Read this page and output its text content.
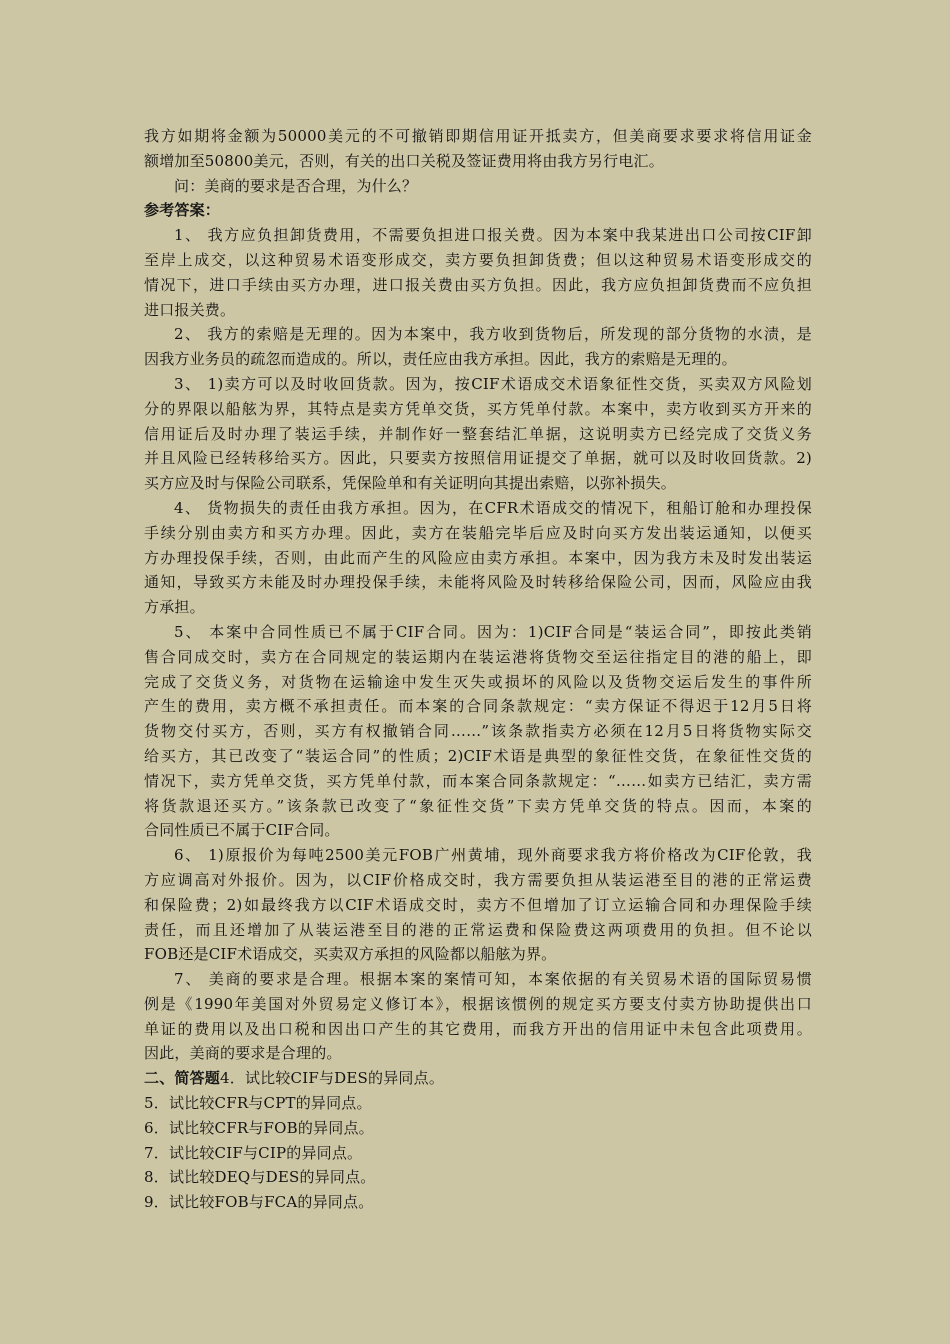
我方如期将金额为50000美元的不可撤销即期信用证开抵卖方，但美商要求要求将信用证金
额增加至50800美元，否则，有关的出口关税及签证费用将由我方另行电汇。
问：美商的要求是否合理，为什么？
参考答案：
1、 我方应负担卸货费用，不需要负担进口报关费。因为本案中我某进出口公司按CIF卸
至岸上成交，以这种贸易术语变形成交，卖方要负担卸货费；但以这种贸易术语变形成交的
情况下，进口手续由买方办理，进口报关费由买方负担。因此，我方应负担卸货费而不应负担
进口报关费。
2、 我方的索赔是无理的。因为本案中，我方收到货物后，所发现的部分货物的水渍，是
因我方业务员的疏忽而造成的。所以，责任应由我方承担。因此，我方的索赔是无理的。
3、 1)卖方可以及时收回货款。因为，按CIF术语成交术语象征性交货，买卖双方风险划
分的界限以船舷为界，其特点是卖方凭单交货，买方凭单付款。本案中，卖方收到买方开来的
信用证后及时办理了装运手续，并制作好一整套结汇单据，这说明卖方已经完成了交货义务
并且风险已经转移给买方。因此，只要卖方按照信用证提交了单据，就可以及时收回货款。2)
买方应及时与保险公司联系，凭保险单和有关证明向其提出索赔，以弥补损失。
4、 货物损失的责任由我方承担。因为，在CFR术语成交的情况下，租船订舱和办理投保
手续分别由卖方和买方办理。因此，卖方在装船完毕后应及时向买方发出装运通知，以便买
方办理投保手续，否则，由此而产生的风险应由卖方承担。本案中，因为我方未及时发出装运
通知，导致买方未能及时办理投保手续，未能将风险及时转移给保险公司，因而，风险应由我
方承担。
5、 本案中合同性质已不属于CIF合同。因为：1)CIF合同是“装运合同”，即按此类销
售合同成交时，卖方在合同规定的装运期内在装运港将货物交至运往指定目的港的船上，即
完成了交货义务，对货物在运输途中发生灭失或损坏的风险以及货物交运后发生的事件所
产生的费用，卖方概不承担责任。而本案的合同条款规定：“卖方保证不得迟于12月5日将
货物交付买方，否则，买方有权撤销合同……”该条款指卖方必须在12月5日将货物实际交
给买方，其已改变了“装运合同”的性质；2)CIF术语是典型的象征性交货，在象征性交货的
情况下，卖方凭单交货，买方凭单付款，而本案合同条款规定：“……如卖方已结汇，卖方需
将货款退还买方。”该条款已改变了“象征性交货”下卖方凭单交货的特点。因而，本案的
合同性质已不属于CIF合同。
6、 1)原报价为每吨2500美元FOB广州黄埔，现外商要求我方将价格改为CIF伦敦，我
方应调高对外报价。因为，以CIF价格成交时，我方需要负担从装运港至目的港的正常运费
和保险费；2)如最终我方以CIF术语成交时，卖方不但增加了订立运输合同和办理保险手续
责任，而且还增加了从装运港至目的港的正常运费和保险费这两项费用的负担。但不论以
FOB还是CIF术语成交，买卖双方承担的风险都以船舷为界。
7、 美商的要求是合理。根据本案的案情可知，本案依据的有关贸易术语的国际贸易惯
例是《1990年美国对外贸易定义修订本》，根据该惯例的规定买方要支付卖方协助提供出口
单证的费用以及出口税和因出口产生的其它费用，而我方开出的信用证中未包含此项费用。
因此，美商的要求是合理的。
二、简答题4．试比较CIF与DES的异同点。
5．试比较CFR与CPT的异同点。
6．试比较CFR与FOB的异同点。
7．试比较CIF与CIP的异同点。
8．试比较DEQ与DES的异同点。
9．试比较FOB与FCA的异同点。
